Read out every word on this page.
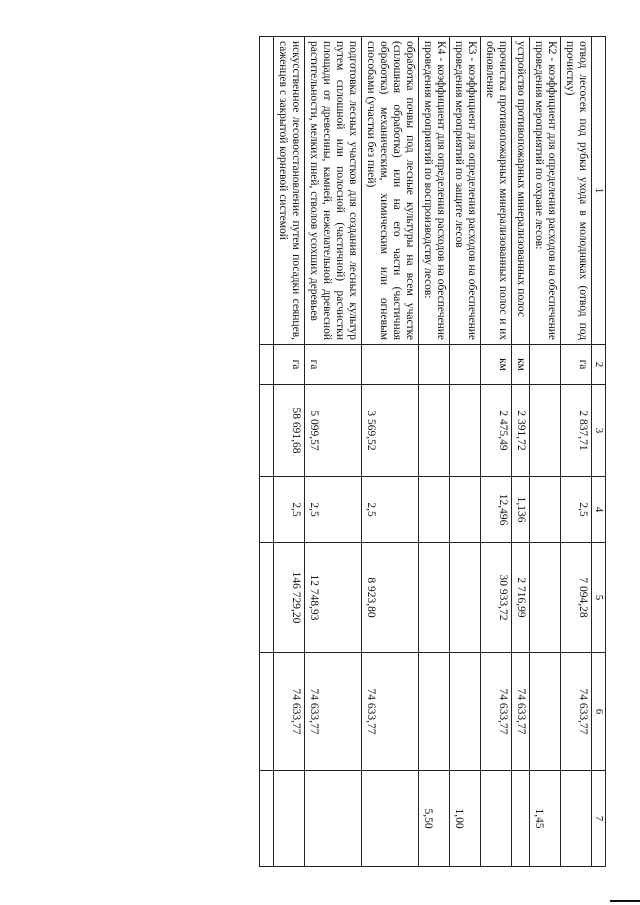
1	2	3	4	5	6	7
отвод лесосек под рубки ухода в молодняках (отвод под прочистку)	га	2 837,71	2,5	7 094,28	74 633,77	
К2 - коэффициент для определения расходов на обеспечение проведения мероприятий по охране лесов:						1,45
устройство противопожарных минерализованных полос	км	2 391,72	1,136	2 716,99	74 633,77	
прочистка противопожарных минерализованных полос и их обновление	км	2 475,49	12,496	30 933,72	74 633,77	
К3 - коэффициент для определения расходов на обеспечение проведения мероприятий по защите лесов						1,00
К4 - коэффициент для определения расходов на обеспечение проведения мероприятий по воспроизводству лесов:						5,50
обработка почвы под лесные культуры на всем участке (сплошная обработка) или на его части (частичная обработка) механическим, химическим или огневым способами (участки без пней)		3 569,52	2,5	8 923,80	74 633,77	
подготовка лесных участков для создания лесных культур путем сплошной или полосной (частичной) расчистки площади от древесины, камней, нежелательной древесной растительности, мелких пней, стволов усохших деревьев	га	5 099,57	2,5	12 748,93	74 633,77	
искусственное лесовосстановление путем посадки сеянцев, саженцев с закрытой корневой системой	га	58 691,68	2,5	146 729,20	74 633,77	
